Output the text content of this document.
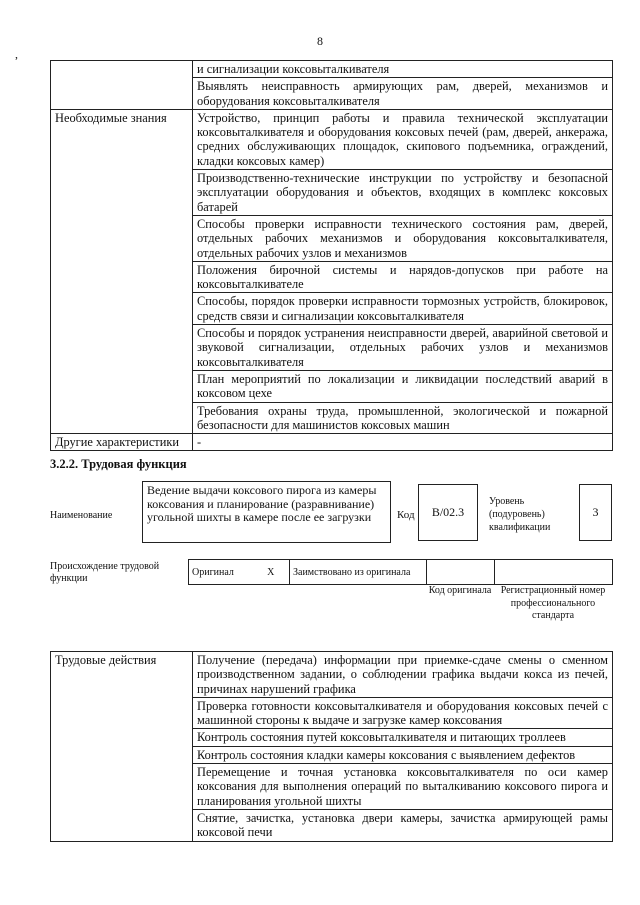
8
,
	и сигнализации коксовыталкивателя
	Выявлять неисправность армирующих рам, дверей, механизмов и оборудования коксовыталкивателя
Необходимые знания	Устройство, принцип работы и правила технической эксплуатации коксовыталкивателя и оборудования коксовых печей (рам, дверей, анкеража, средних обслуживающих площадок, скипового подъемника, ограждений, кладки коксовых камер)
	Производственно-технические инструкции по устройству и безопасной эксплуатации оборудования и объектов, входящих в комплекс коксовых батарей
	Способы проверки исправности технического состояния рам, дверей, отдельных рабочих механизмов и оборудования коксовыталкивателя, отдельных рабочих узлов и механизмов
	Положения бирочной системы и нарядов-допусков при работе на коксовыталкивателе
	Способы, порядок проверки исправности тормозных устройств, блокировок, средств связи и сигнализации коксовыталкивателя
	Способы и порядок устранения неисправности дверей, аварийной световой и звуковой сигнализации, отдельных рабочих узлов и механизмов коксовыталкивателя
	План мероприятий по локализации и ликвидации последствий аварий в коксовом цехе
	Требования охраны труда, промышленной, экологической и пожарной безопасности для машинистов коксовых машин
Другие характеристики	-
3.2.2. Трудовая функция
Наименование
Ведение выдачи коксового пирога из камеры коксования и планирование (разравнивание) угольной шихты в камере после ее загрузки	Код	В/02.3
Уровень (подуровень) квалификации
3
Происхождение трудовой функции
Оригинал	X	Заимствовано из оригинала		
Код оригинала Регистрационный номер профессионального стандарта
Трудовые действия	Получение (передача) информации при приемке-сдаче смены о сменном производственном задании, о соблюдении графика выдачи кокса из печей, причинах нарушений графика
Проверка готовности коксовыталкивателя и оборудования коксовых печей с машинной стороны к выдаче и загрузке камер коксования
Контроль состояния путей коксовыталкивателя и питающих троллеев
Контроль состояния кладки камеры коксования с выявлением дефектов
Перемещение и точная установка коксовыталкивателя по оси камер коксования для выполнения операций по выталкиванию коксового пирога и планирования угольной шихты
Снятие, зачистка, установка двери камеры, зачистка армирующей рамы коксовой печи
